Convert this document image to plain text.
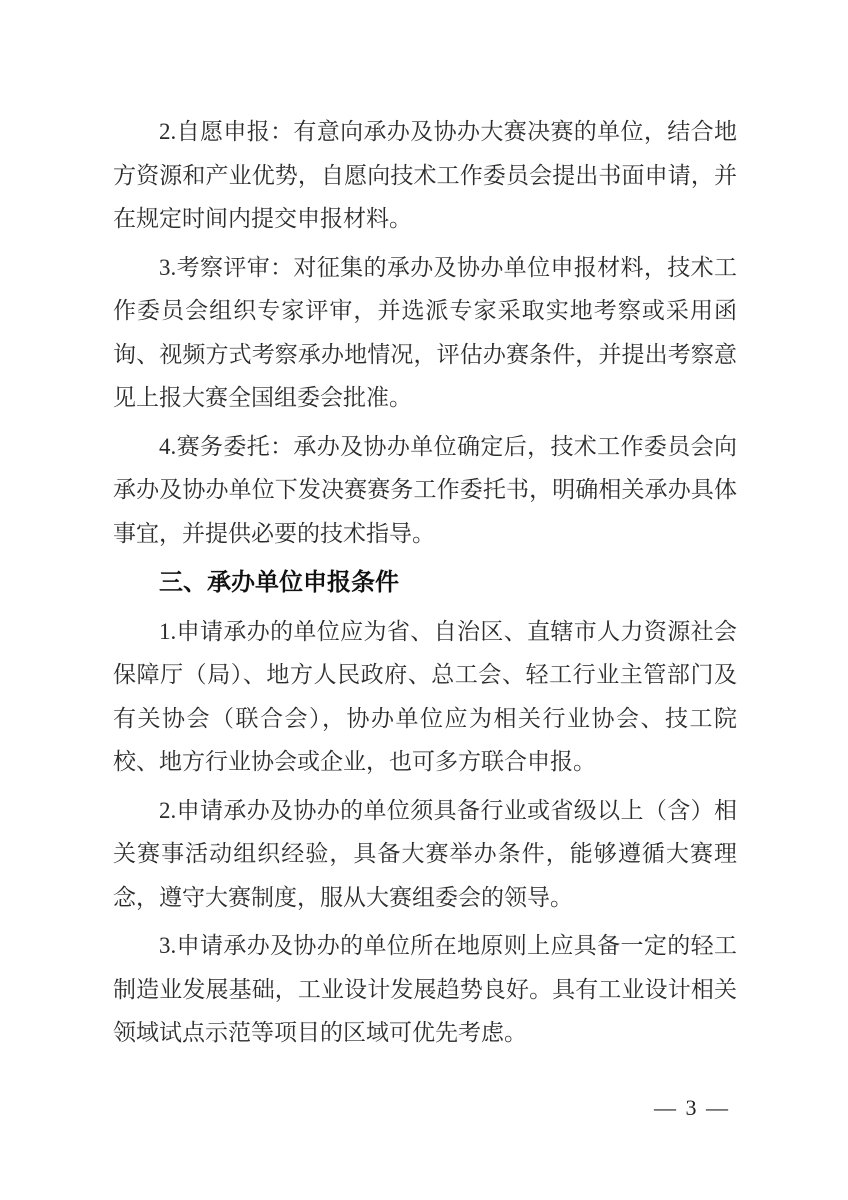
2.自愿申报：有意向承办及协办大赛决赛的单位，结合地方资源和产业优势，自愿向技术工作委员会提出书面申请，并在规定时间内提交申报材料。

3.考察评审：对征集的承办及协办单位申报材料，技术工作委员会组织专家评审，并选派专家采取实地考察或采用函询、视频方式考察承办地情况，评估办赛条件，并提出考察意见上报大赛全国组委会批准。

4.赛务委托：承办及协办单位确定后，技术工作委员会向承办及协办单位下发决赛赛务工作委托书，明确相关承办具体事宜，并提供必要的技术指导。

三、承办单位申报条件

1.申请承办的单位应为省、自治区、直辖市人力资源社会保障厅（局）、地方人民政府、总工会、轻工行业主管部门及有关协会（联合会），协办单位应为相关行业协会、技工院校、地方行业协会或企业，也可多方联合申报。

2.申请承办及协办的单位须具备行业或省级以上（含）相关赛事活动组织经验，具备大赛举办条件，能够遵循大赛理念，遵守大赛制度，服从大赛组委会的领导。

3.申请承办及协办的单位所在地原则上应具备一定的轻工制造业发展基础，工业设计发展趋势良好。具有工业设计相关领域试点示范等项目的区域可优先考虑。

— 3 —
